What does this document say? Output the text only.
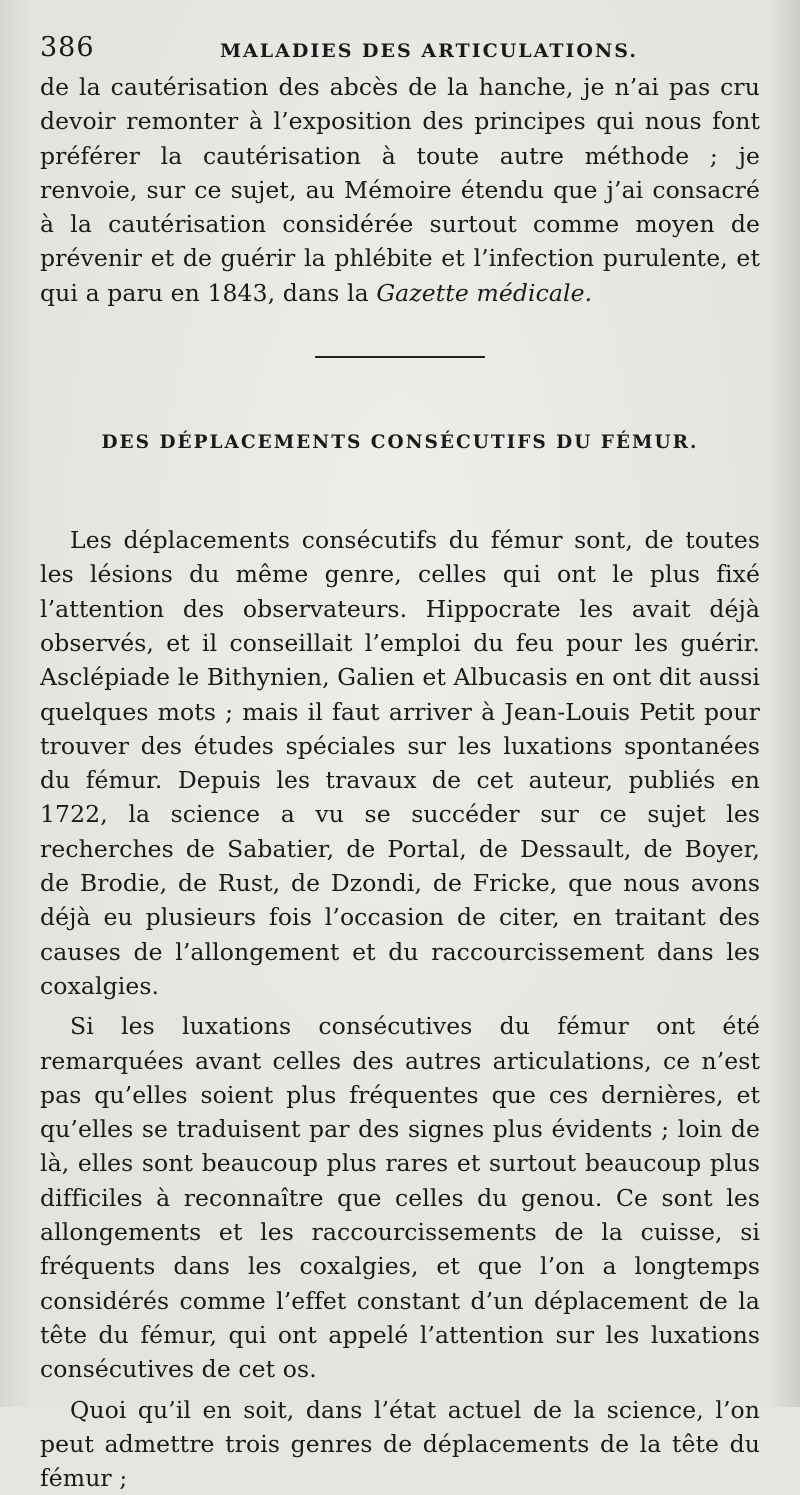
386	MALADIES DES ARTICULATIONS.

de la cautérisation des abcès de la hanche, je n’ai pas cru devoir remonter à l’exposition des principes qui nous font préférer la cautérisation à toute autre méthode ; je renvoie, sur ce sujet, au Mémoire étendu que j’ai consacré à la cautérisation considérée surtout comme moyen de prévenir et de guérir la phlébite et l’infection purulente, et qui a paru en 1843, dans la Gazette médicale.

DES DÉPLACEMENTS CONSÉCUTIFS DU FÉMUR.

Les déplacements consécutifs du fémur sont, de toutes les lésions du même genre, celles qui ont le plus fixé l’attention des observateurs. Hippocrate les avait déjà observés, et il conseillait l’emploi du feu pour les guérir. Asclépiade le Bithynien, Galien et Albucasis en ont dit aussi quelques mots ; mais il faut arriver à Jean-Louis Petit pour trouver des études spéciales sur les luxations spontanées du fémur. Depuis les travaux de cet auteur, publiés en 1722, la science a vu se succéder sur ce sujet les recherches de Sabatier, de Portal, de Dessault, de Boyer, de Brodie, de Rust, de Dzondi, de Fricke, que nous avons déjà eu plusieurs fois l’occasion de citer, en traitant des causes de l’allongement et du raccourcissement dans les coxalgies.

Si les luxations consécutives du fémur ont été remarquées avant celles des autres articulations, ce n’est pas qu’elles soient plus fréquentes que ces dernières, et qu’elles se traduisent par des signes plus évidents ; loin de là, elles sont beaucoup plus rares et surtout beaucoup plus difficiles à reconnaître que celles du genou. Ce sont les allongements et les raccourcissements de la cuisse, si fréquents dans les coxalgies, et que l’on a longtemps considérés comme l’effet constant d’un déplacement de la tête du fémur, qui ont appelé l’attention sur les luxations consécutives de cet os.

Quoi qu’il en soit, dans l’état actuel de la science, l’on peut admettre trois genres de déplacements de la tête du fémur ;
